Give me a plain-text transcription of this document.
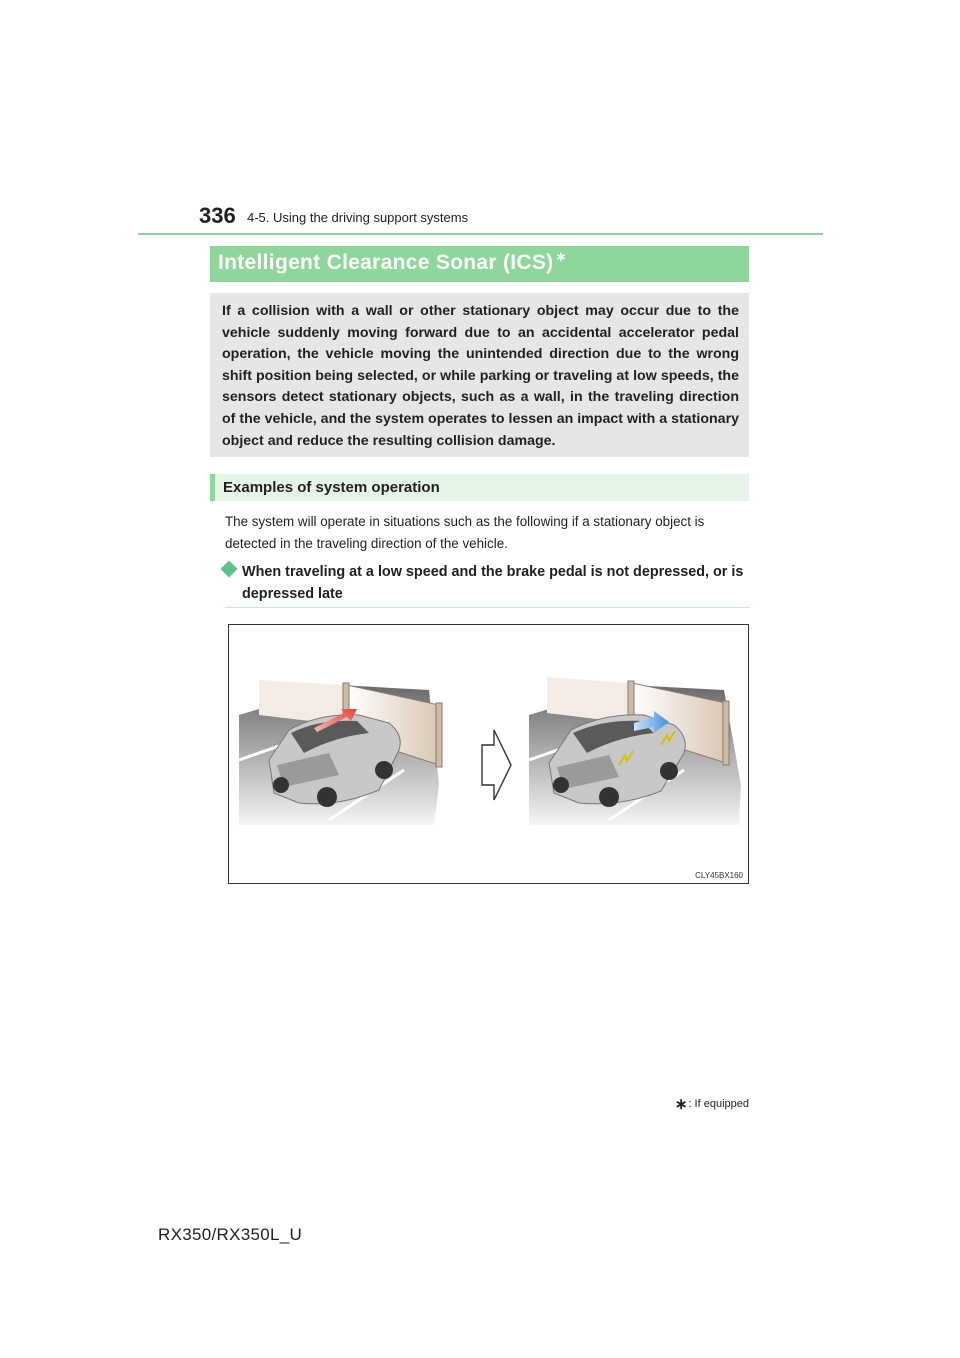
336 4-5. Using the driving support systems
Intelligent Clearance Sonar (ICS) ∗

If a collision with a wall or other stationary object may occur due to the vehicle suddenly moving forward due to an accidental accelerator pedal operation, the vehicle moving the unintended direction due to the wrong shift position being selected, or while parking or traveling at low speeds, the sensors detect stationary objects, such as a wall, in the traveling direction of the vehicle, and the system operates to lessen an impact with a stationary object and reduce the resulting collision damage.

Examples of system operation

The system will operate in situations such as the following if a stationary object is detected in the traveling direction of the vehicle.

When traveling at a low speed and the brake pedal is not depressed, or is depressed late
CLY45BX160
∗: If equipped
RX350/RX350L_U
